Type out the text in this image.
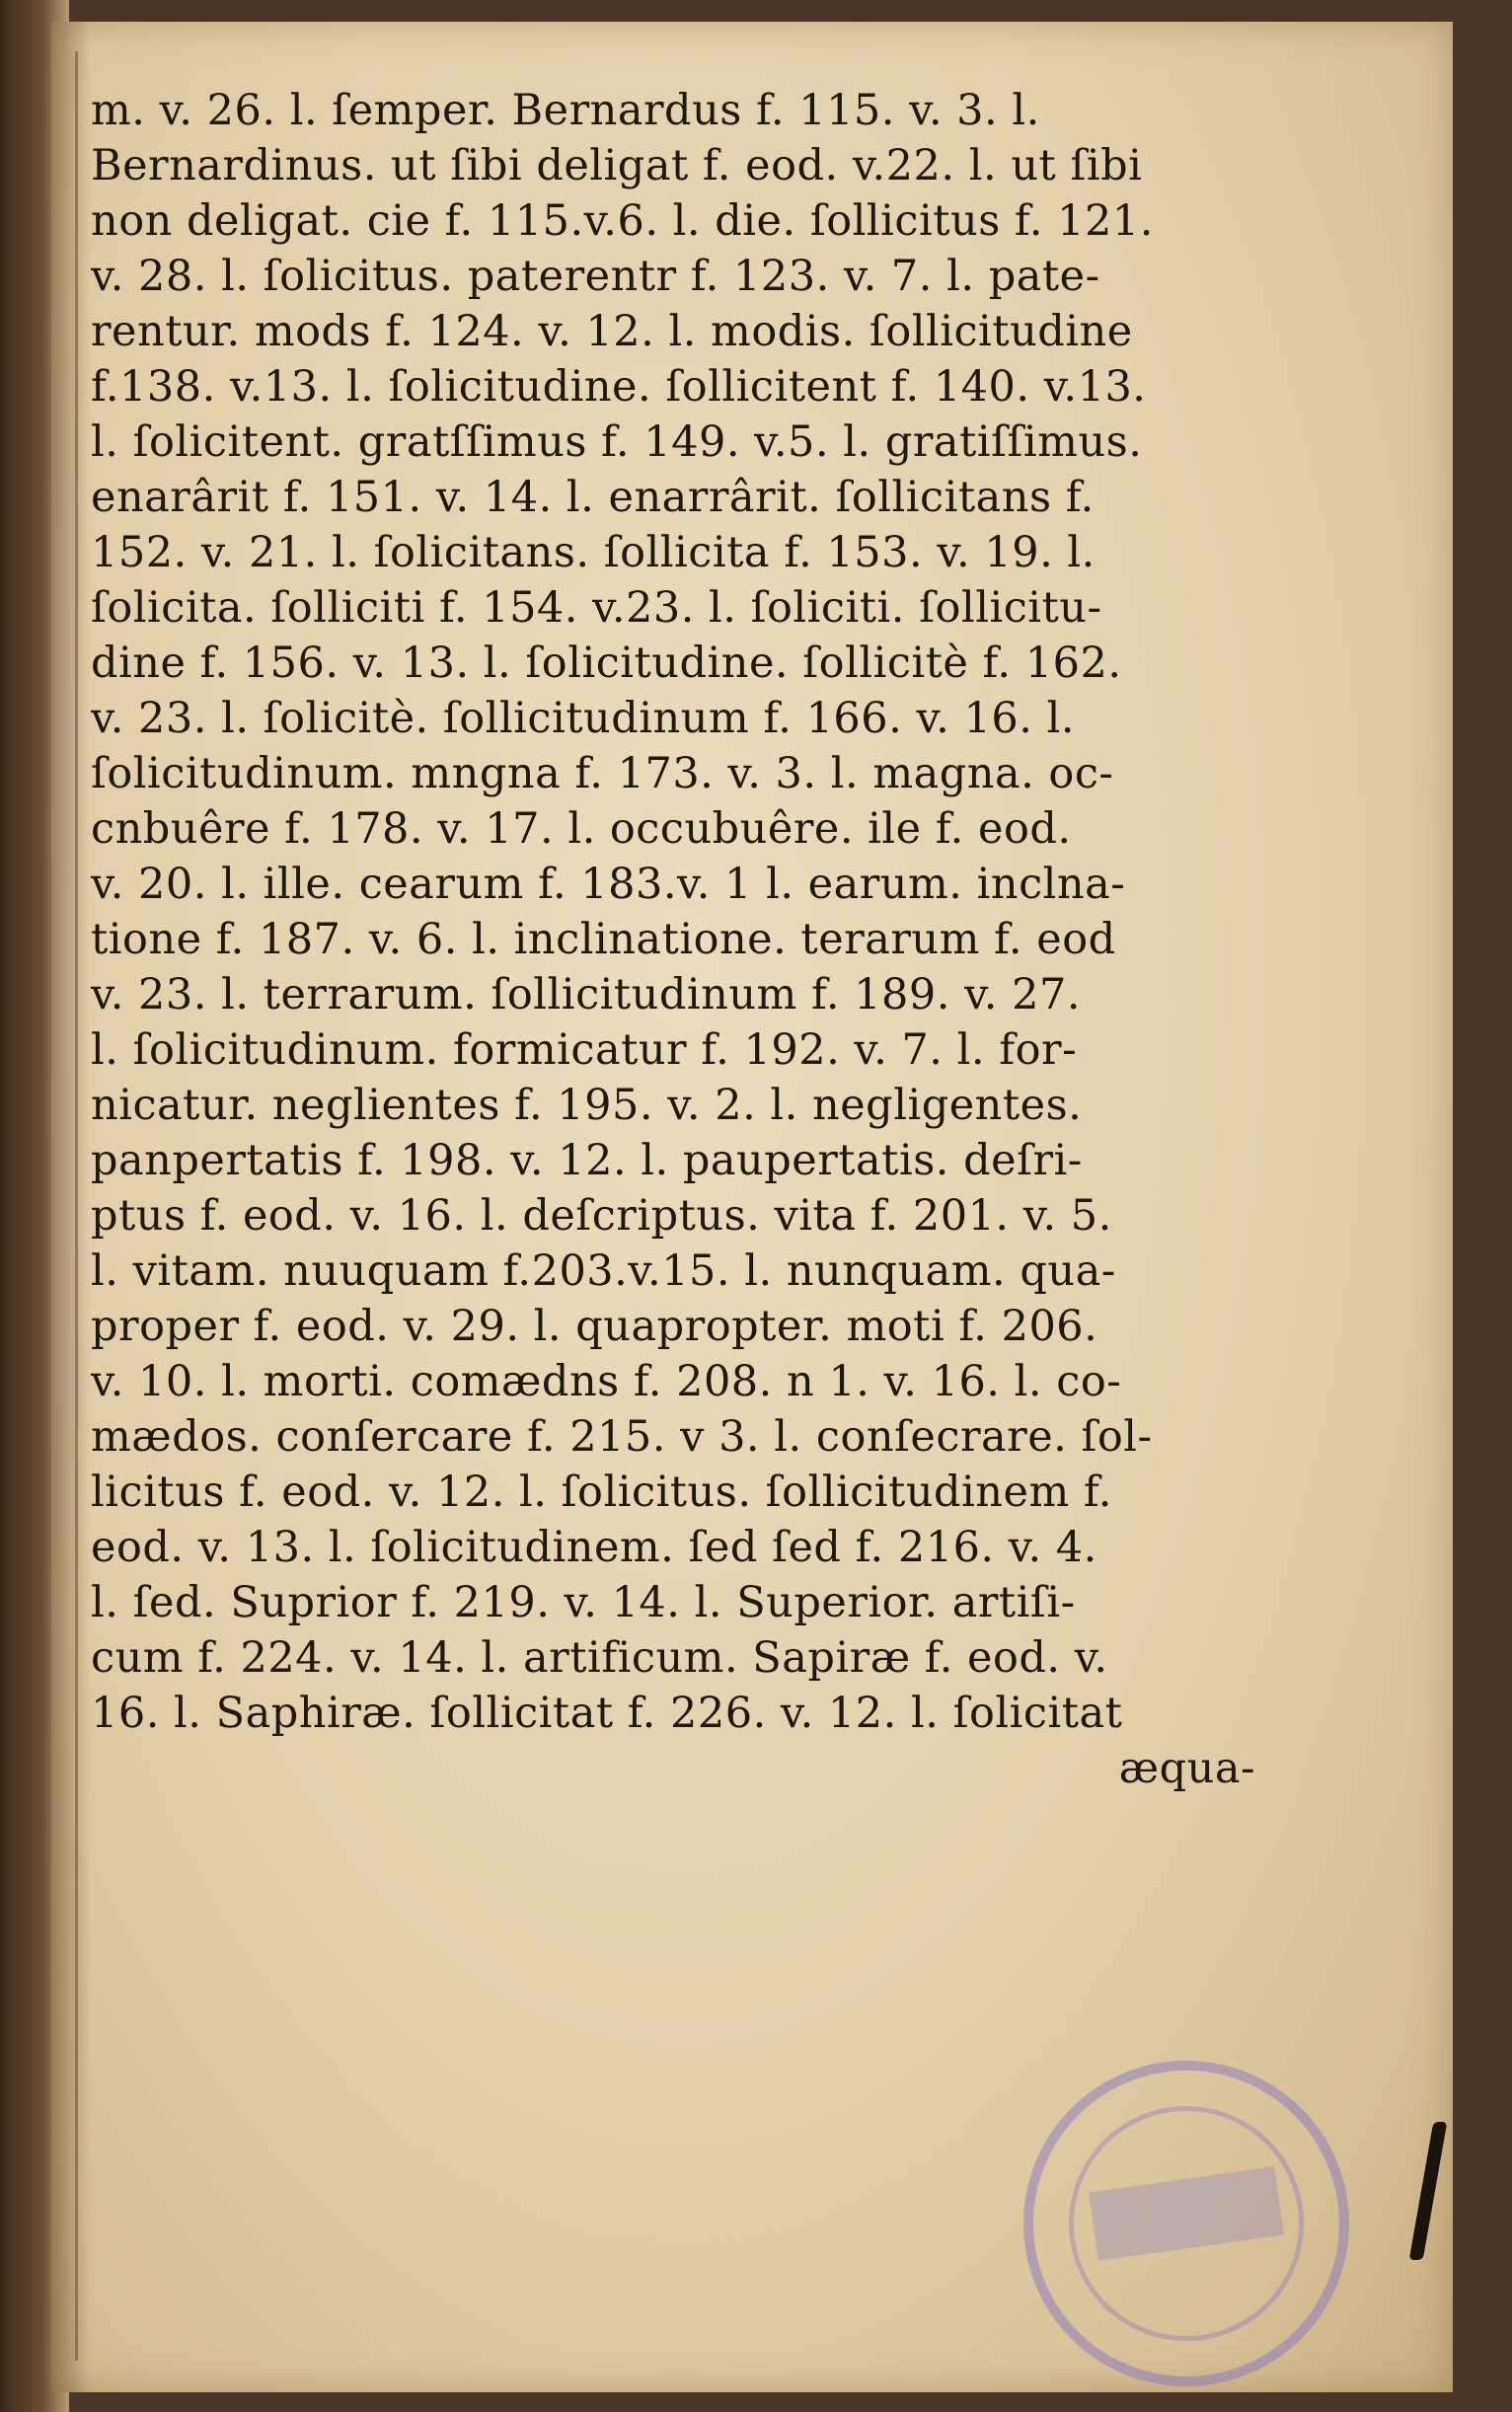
m. v. 26. l. ſemper. Bernardus f. 115. v. 3. l.
Bernardinus. ut ſibi deligat f. eod. v.22. l. ut ſibi
non deligat. cie f. 115.v.6. l. die. ſollicitus f. 121.
v. 28. l. ſolicitus. paterentr f. 123. v. 7. l. pate-
rentur. mods f. 124. v. 12. l. modis. ſollicitudine
f.138. v.13. l. ſolicitudine. ſollicitent f. 140. v.13.
l. ſolicitent. gratſſimus f. 149. v.5. l. gratiſſimus.
enarârit f. 151. v. 14. l. enarrârit. ſollicitans f.
152. v. 21. l. ſolicitans. ſollicita f. 153. v. 19. l.
ſolicita. ſolliciti f. 154. v.23. l. ſoliciti. ſollicitu-
dine f. 156. v. 13. l. ſolicitudine. ſollicitè f. 162.
v. 23. l. ſolicitè. ſollicitudinum f. 166. v. 16. l.
ſolicitudinum. mngna f. 173. v. 3. l. magna. oc-
cnbuêre f. 178. v. 17. l. occubuêre. ile f. eod.
v. 20. l. ille. cearum f. 183.v. 1 l. earum. inclna-
tione f. 187. v. 6. l. inclinatione. terarum f. eod
v. 23. l. terrarum. ſollicitudinum f. 189. v. 27.
l. ſolicitudinum. formicatur f. 192. v. 7. l. for-
nicatur. neglientes f. 195. v. 2. l. negligentes.
panpertatis f. 198. v. 12. l. paupertatis. deſri-
ptus f. eod. v. 16. l. deſcriptus. vita f. 201. v. 5.
l. vitam. nuuquam f.203.v.15. l. nunquam. qua-
proper f. eod. v. 29. l. quapropter. moti f. 206.
v. 10. l. morti. comædns f. 208. n 1. v. 16. l. co-
mædos. conſercare f. 215. v 3. l. conſecrare. ſol-
licitus f. eod. v. 12. l. ſolicitus. ſollicitudinem f.
eod. v. 13. l. ſolicitudinem. ſed ſed f. 216. v. 4.
l. ſed. Suprior f. 219. v. 14. l. Superior. artiſi-
cum f. 224. v. 14. l. artificum. Sapiræ f. eod. v.
16. l. Saphiræ. ſollicitat f. 226. v. 12. l. ſolicitat
æqua-
